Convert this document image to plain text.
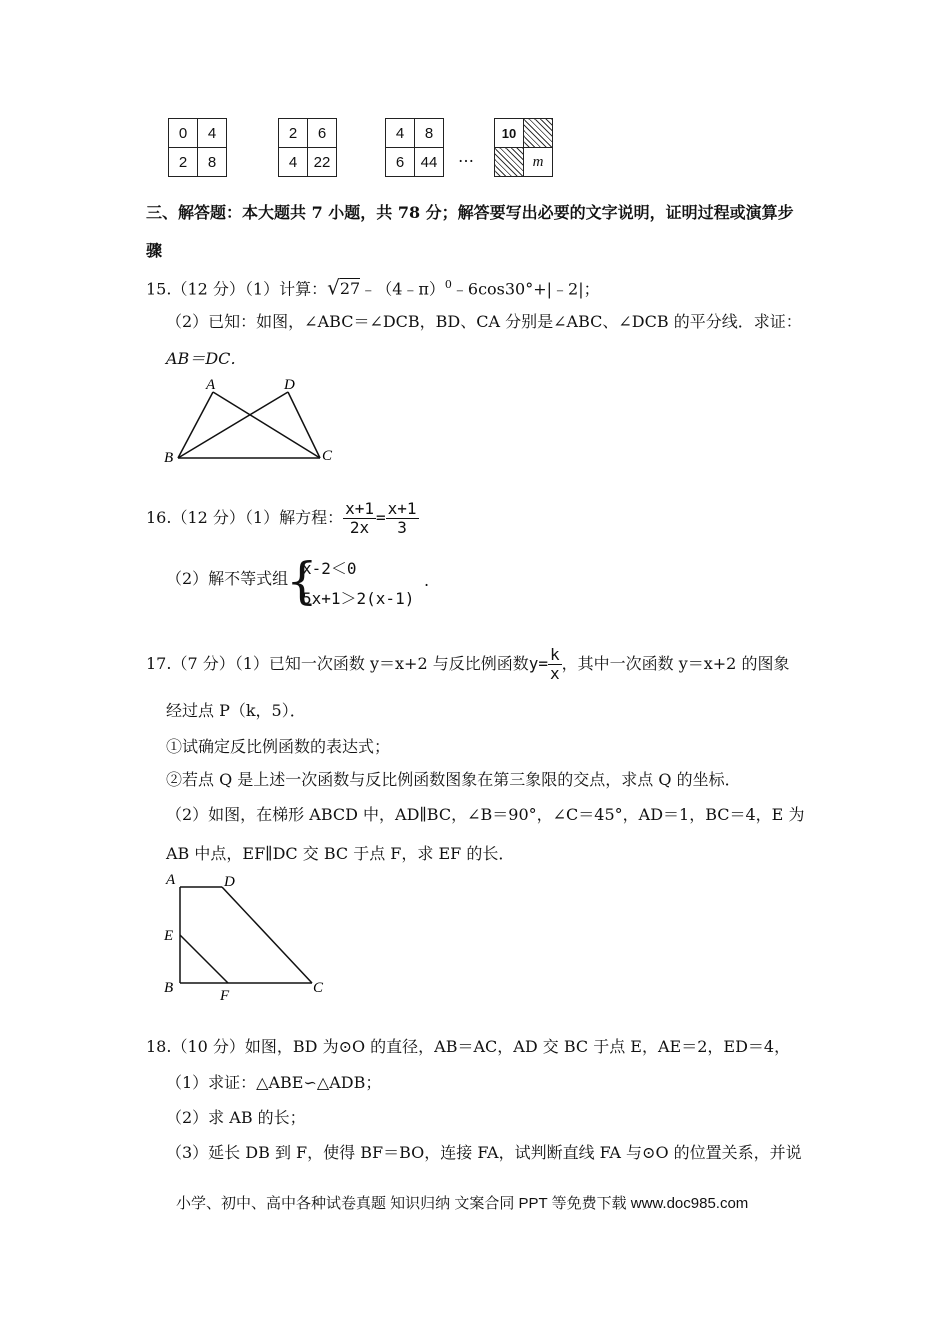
0	4
2	8
2	6
4	22
4	8
6	44 …
10	
	m
三、解答题：本大题共 7 小题，共 78 分；解答要写出必要的文字说明，证明过程或演算步
骤
15.（12 分）（1）计算：√27﹣（4﹣π）$^0$﹣6cos30°+|﹣2|；
（2）已知：如图，∠ABC＝∠DCB，BD、CA 分别是∠ABC、∠DCB 的平分线．求证：
AB＝DC．
A	D
B	C
16.（12 分）（1）解方程： $\frac{x+1}{2x} = \frac{x+1}{3}$
（2）解不等式组
{
x-2＜0
5x+1＞2(x-1)
.
17.（7 分）（1）已知一次函数 y＝x+2 与反比例函数$y= \frac{k}{x}$ ，其中一次函数 y＝x+2 的图象
经过点 P（k，5）．
①试确定反比例函数的表达式；
②若点 Q 是上述一次函数与反比例函数图象在第三象限的交点，求点 Q 的坐标．
（2）如图，在梯形 ABCD 中，AD∥BC，∠B＝90°，∠C＝45°，AD＝1，BC＝4，E 为
AB 中点，EF∥DC 交 BC 于点 F，求 EF 的长．
A	D
E
B	F	C
18.（10 分）如图，BD 为⊙O 的直径，AB＝AC，AD 交 BC 于点 E，AE＝2，ED＝4，
（1）求证：△ABE∽△ADB；
（2）求 AB 的长；
（3）延长 DB 到 F，使得 BF＝BO，连接 FA，试判断直线 FA 与⊙O 的位置关系，并说
小学、初中、高中各种试卷真题 知识归纳 文案合同 PPT 等免费下载 www.doc985.com
